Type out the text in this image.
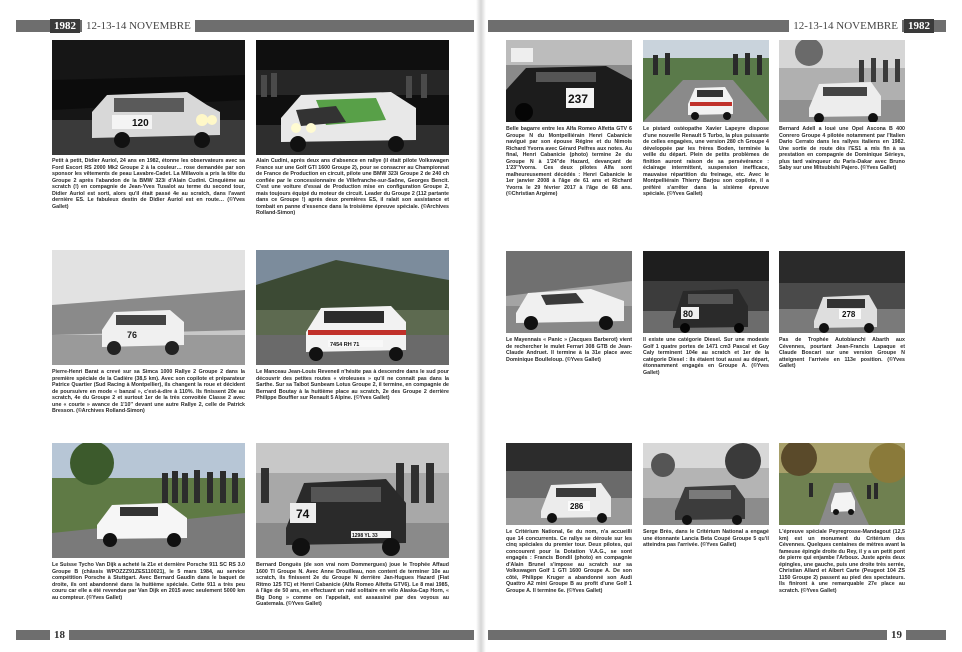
1982 12-13-14 NOVEMBRE	12-13-14 NOVEMBRE 1982
120
76
7454 RH 71
74
1298 YL 33
Petit à petit, Didier Auriol, 24 ans en 1982, étonne les observateurs avec sa Ford Escort RS 2000 Mk2 Groupe 2 à la couleur… rose demandée par son sponsor les vêtements de peau Lavabre-Cadet. La Millavois a pris la tête du Groupe 2 après l'abandon de la BMW 323i d'Alain Cudini. Cinquième au scratch (!) en compagnie de Jean-Yves Tusalot au terme du second tour, Didier Auriol est sorti, alors qu'il était passé 4e au scratch, dans l'avant dernière ES. Le fabuleux destin de Didier Auriol est en route… (©Yves Gallet)
Alain Cudini, après deux ans d'absence en rallye (il était pilote Volkswagen France sur une Golf GTI 1600 Groupe 2), pour se consacrer au Championnat de France de Production en circuit, pilote une BMW 323i Groupe 2 de 240 ch confiée par le concessionnaire de Villefranche-sur-Saône, Georges Bencit. C'est une voiture d'essai de Production mise en configuration Groupe 2, mais toujours équipé du moteur de circuit. Leader du Groupe 2 (112 partante dans ce Groupe !) après deux premières ES, il ralait son assistance et tombait en panne d'essence dans la troisième épreuve spéciale. (©Archives Rolland-Simon)
Pierre-Henri Barat a crevé sur sa Simca 1000 Rallye 2 Groupe 2 dans la première spéciale de la Cadière (38,5 km). Avec son copilote et préparateur Patrice Quartier (Sud Racing à Montpellier), ils changent la roue et décident de poursuivre en mode « banzaï », c'est-à-dire à 110%. Ils finissent 20e au scratch, 4e du Groupe 2 et surtout 1er de la très convoitée Classe 2 avec une « courte » avance de 1'10'' devant une autre Rallye 2, celle de Patrick Bresson. (©Archives Rolland-Simon)
Le Manceau Jean-Louis Reveneil n'hésite pas à descendre dans le sud pour découvrir des petites routes « viroleuses » qu'il ne connaît pas dans la Sarthe. Sur sa Talbot Sunbeam Lotus Groupe 2, il termine, en compagnie de Bernard Boutay à la huitième place au scratch, 2e des Groupe 2 derrière Philippe Bouffier sur Renault 5 Alpine. (©Yves Gallet)
Le Suisse Tycho Van Dijk a acheté la 21e et dernière Porsche 911 SC RS 3.0 Groupe B (châssis WPOZZZ91ZES110021), le 5 mars 1984, au service compétition Porsche à Stuttgart. Avec Bernard Gaudin dans le baquet de droite, ils ont abandonné dans la huitième spéciale. Cette 911 a très peu couru car elle a été revendue par Van Dijk en 2015 avec seulement 5000 km au compteur. (©Yves Gallet)
Bernard Donguès (de son vrai nom Dommergues) joue le Trophée Affaud 1600 TI Groupe N. Avec Anne Drouilleau, non content de terminer 10e au scratch, ils finissent 2e du Groupe N derrière Jan-Hugues Hazard (Fiat Ritmo 125 TC) et Henri Cabanicie (Alfa Romeo Alfetta GTV6). Le 8 mai 1985, à l'âge de 50 ans, en effectuant un raid solitaire en vélo Alaska-Cap Horn, « Big Dong » comme on l'appelait, est assassiné par des voyous au Guatemala. (©Yves Gallet)
237
80	278
286
Belle bagarre entre les Alfa Romeo Alfetta GTV 6 Groupe N du Montpelliérain Henri Cabanicie navigué par son épouse Régine et du Nimois Richard Yvorra avec Gérard Pelfres aux notes. Au final, Henri Cabanicie (photo) termine 2e du Groupe N à 1'24''de Hazard, devançant de 1'23''Yvorra. Ces deux pilotes Alfa sont malheureusement décédés : Henri Cabanicie le 1er janvier 2008 à l'âge de 61 ans et Richard Yvorra le 29 février 2017 à l'âge de 68 ans. (©Christian Argème)
Le pistard ostéopathe Xavier Lapeyre dispose d'une nouvelle Renault 5 Turbo, la plus puissante de celles engagées, une version 280 ch Groupe 4 développée par les frères Boden, terminée la veille du départ. Plein de petits problèmes de finition auront raison de sa persévérance : éclairage intermittent, suspension inefficace, mauvaise répartition du freinage, etc. Avec le Montpelliérain Thierry Barjou son copilote, il a préféré s'arrêter dans la sixième épreuve spéciale. (©Yves Gallet)
Bernard Adell a loué une Opel Ascona B 400 Conrero Groupe 4 pilotée notamment par l'Italien Dario Cerrato dans les rallyes italiens en 1982. Une sortie de route dès l'ES1 a mis fin à sa prestation en compagnie de Dominique Sérieys, plus tard vainqueur du Paris-Dakar avec Bruno Saby sur une Mitsubishi Pajero. (©Yves Gallet)
Le Mayennais « Panic » (Jacques Barberot) vient de rechercher le mulet Ferrari 308 GTB de Jean-Claude Andruet. Il termine à la 31e place avec Dominique Boulleloup. (©Yves Gallet)
Il existe une catégorie Diesel. Sur une modeste Golf 1 quatre portes de 1471 cm3 Pascal et Guy Caly terminent 104e au scratch et 1er de la catégorie Diesel : ils étaient tout aussi au départ, étonnamment engagés en Groupe A. (©Yves Gallet)
Pas de Trophée Autobianchi Abarth aux Cévennes, pourtant Jean-Francis Lapaque et Claude Boscari sur une version Groupe N atteignent l'arrivée en 113e position. (©Yves Gallet)
Le Critérium National, 6e du nom, n'a accueilli que 14 concurrents. Ce rallye se déroule sur les cinq spéciales du premier tour. Deux pilotes, qui concourent pour la Dotation V.A.G., se sont engagés : Francis Bondil (photo) en compagnie d'Alain Brunel s'impose au scratch sur sa Volkswagen Golf 1 GTI 1600 Groupe A. De son côté, Philippe Kruger a abandonné son Audi Quattro A2 mini Groupe B au profit d'une Golf 1 Groupe A. Il termine 6e. (©Yves Gallet)
Serge Brès, dans le Critérium National a engagé une étonnante Lancia Beta Coupé Groupe 5 qu'il atteindra pas l'arrivée. (©Yves Gallet)
L'épreuve spéciale Peyregrosse-Mandagout (12,5 km) est un monument du Critérium des Cévennes. Quelques centaines de mètres avant la fameuse épingle droite du Rey, il y a un petit pont de pierre qui enjambe l'Arboux. Juste après deux épingles, une gauche, puis une droite très serrée, Christian Allard et Albert Carte (Peugeot 104 ZS 1150 Groupe 2) passent au pied des spectateurs. Ils finiront à une remarquable 27e place au scratch. (©Yves Gallet)
18	19
